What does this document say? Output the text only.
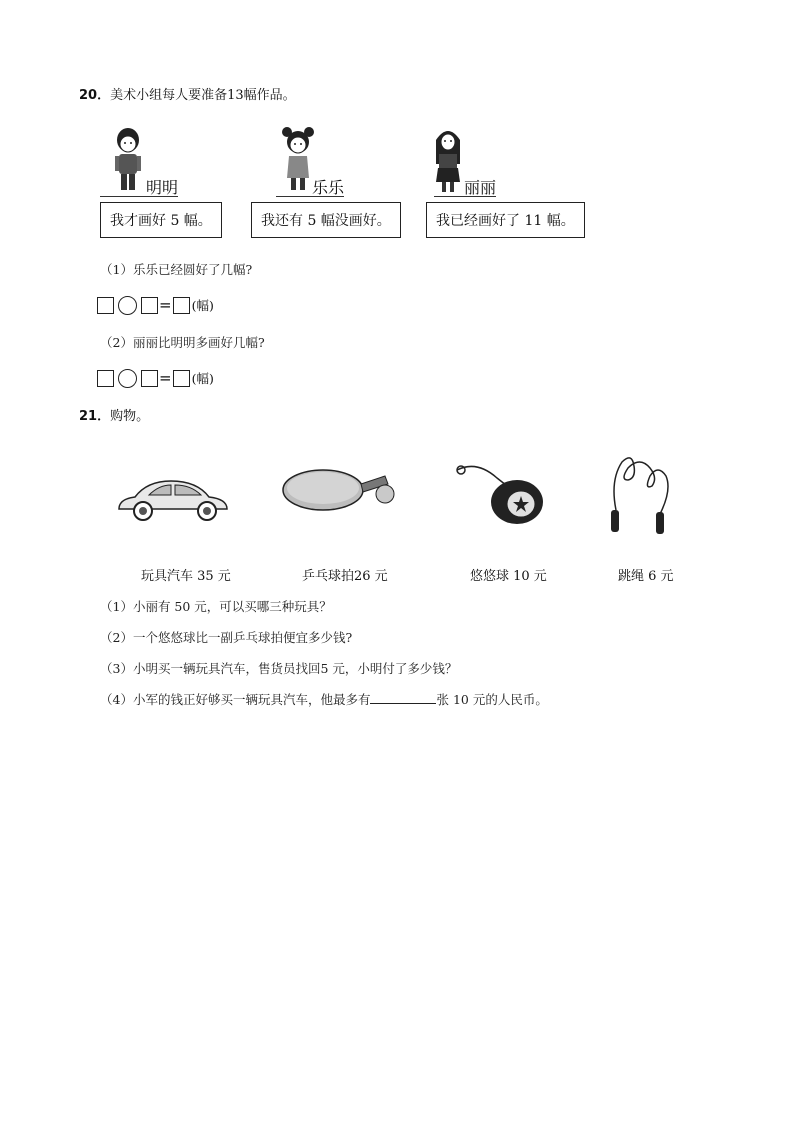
20．美术小组每人要准备13幅作品。
明明	乐乐	丽丽
我才画好 5 幅。	我还有 5 幅没画好。	我已经画好了 11 幅。
（1）乐乐已经圆好了几幅?
= (幅)
（2）丽丽比明明多画好几幅?
= (幅)
21．购物。
玩具汽车 35 元	乒乓球拍26 元	悠悠球 10 元	跳绳 6 元
（1）小丽有 50 元，可以买哪三种玩具？
（2）一个悠悠球比一副乒乓球拍便宜多少钱?
（3）小明买一辆玩具汽车，售货员找回5 元，小明付了多少钱？
（4）小军的钱正好够买一辆玩具汽车，他最多有	张 10 元的人民币。
